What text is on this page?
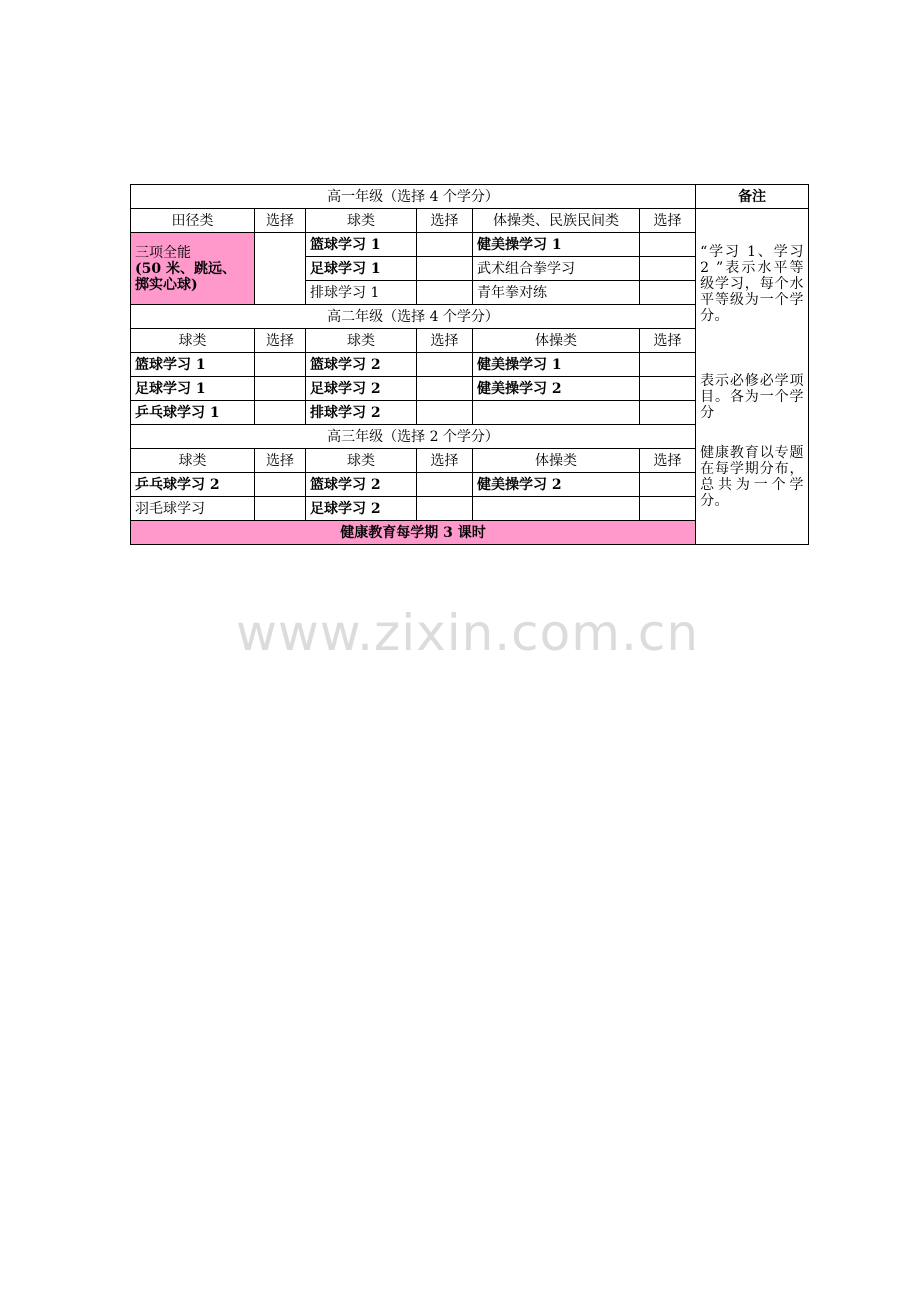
高一年级（选择 4 个学分）						备注
田径类	选择	球类	选择	体操类、民族民间类	选择	“学习 1、学习 2 ”表示水平等级学习，每个水平等级为一个学分。
表示必修必学项目。各为一个学分
健康教育以专题在每学期分布，总共为一个学分。

三项全能
(50 米、跳远、
掷实心球)		篮球学习 1		健美操学习 1		
		足球学习 1		武术组合拳学习		
		排球学习 1		青年拳对练		
高二年级（选择 4 个学分）						
球类	选择	球类	选择	体操类	选择	
篮球学习 1		篮球学习 2		健美操学习 1		
足球学习 1		足球学习 2		健美操学习 2		
乒乓球学习 1		排球学习 2				
高三年级（选择 2 个学分）						
球类	选择	球类	选择	体操类	选择	
乒乓球学习 2		篮球学习 2		健美操学习 2		
羽毛球学习		足球学习 2				
健康教育每学期 3 课时						
www.zixin.com.cn
